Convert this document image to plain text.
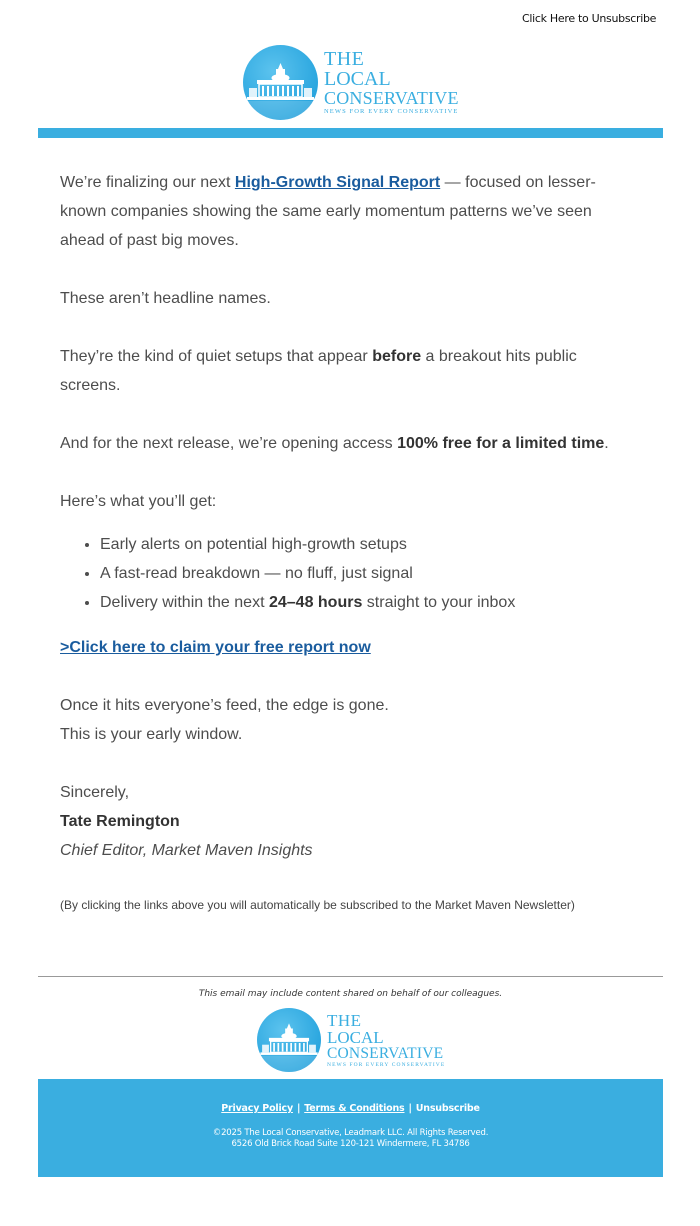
Click Here to Unsubscribe
THE
LOCAL
CONSERVATIVE
NEWS FOR EVERY CONSERVATIVE

We’re finalizing our next High-Growth Signal Report — focused on lesser-known companies showing the same early momentum patterns we’ve seen ahead of past big moves.

These aren’t headline names.

They’re the kind of quiet setups that appear before a breakout hits public screens.

And for the next release, we’re opening access 100% free for a limited time.

Here’s what you’ll get:

• Early alerts on potential high-growth setups
• A fast-read breakdown — no fluff, just signal
• Delivery within the next 24–48 hours straight to your inbox
>Click here to claim your free report now

Once it hits everyone’s feed, the edge is gone.
This is your early window.

Sincerely,

Tate Remington

Chief Editor, Market Maven Insights

(By clicking the links above you will automatically be subscribed to the Market Maven Newsletter)

This email may include content shared on behalf of our colleagues.
THE
LOCAL
CONSERVATIVE
NEWS FOR EVERY CONSERVATIVE
Privacy Policy | Terms & Conditions | Unsubscribe
©2025 The Local Conservative, Leadmark LLC. All Rights Reserved.
6526 Old Brick Road Suite 120-121 Windermere, FL 34786
